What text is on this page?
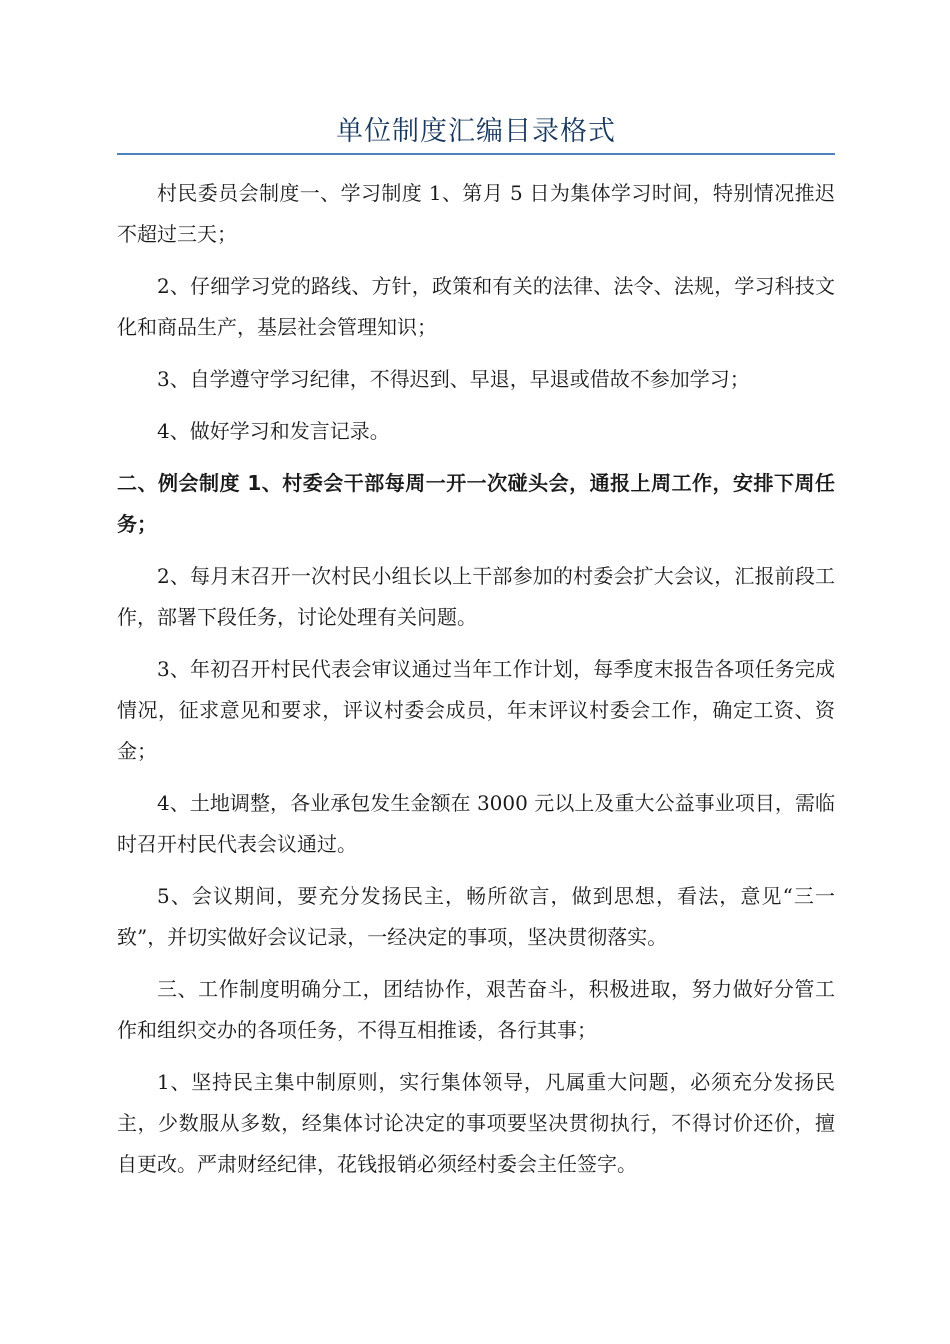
单位制度汇编目录格式

村民委员会制度一、学习制度 1、第月 5 日为集体学习时间，特别情况推迟不超过三天；

2、仔细学习党的路线、方针，政策和有关的法律、法令、法规，学习科技文化和商品生产，基层社会管理知识；

3、自学遵守学习纪律，不得迟到、早退，早退或借故不参加学习；

4、做好学习和发言记录。

二、例会制度 1、村委会干部每周一开一次碰头会，通报上周工作，安排下周任务；

2、每月末召开一次村民小组长以上干部参加的村委会扩大会议，汇报前段工作，部署下段任务，讨论处理有关问题。

3、年初召开村民代表会审议通过当年工作计划，每季度末报告各项任务完成情况，征求意见和要求，评议村委会成员，年末评议村委会工作，确定工资、资金；

4、土地调整，各业承包发生金额在 3000 元以上及重大公益事业项目，需临时召开村民代表会议通过。

5、会议期间，要充分发扬民主，畅所欲言，做到思想，看法，意见“三一致”，并切实做好会议记录，一经决定的事项，坚决贯彻落实。

三、工作制度明确分工，团结协作，艰苦奋斗，积极进取，努力做好分管工作和组织交办的各项任务，不得互相推诿，各行其事；

1、坚持民主集中制原则，实行集体领导，凡属重大问题，必须充分发扬民主，少数服从多数，经集体讨论决定的事项要坚决贯彻执行，不得讨价还价，擅自更改。严肃财经纪律，花钱报销必须经村委会主任签字。
